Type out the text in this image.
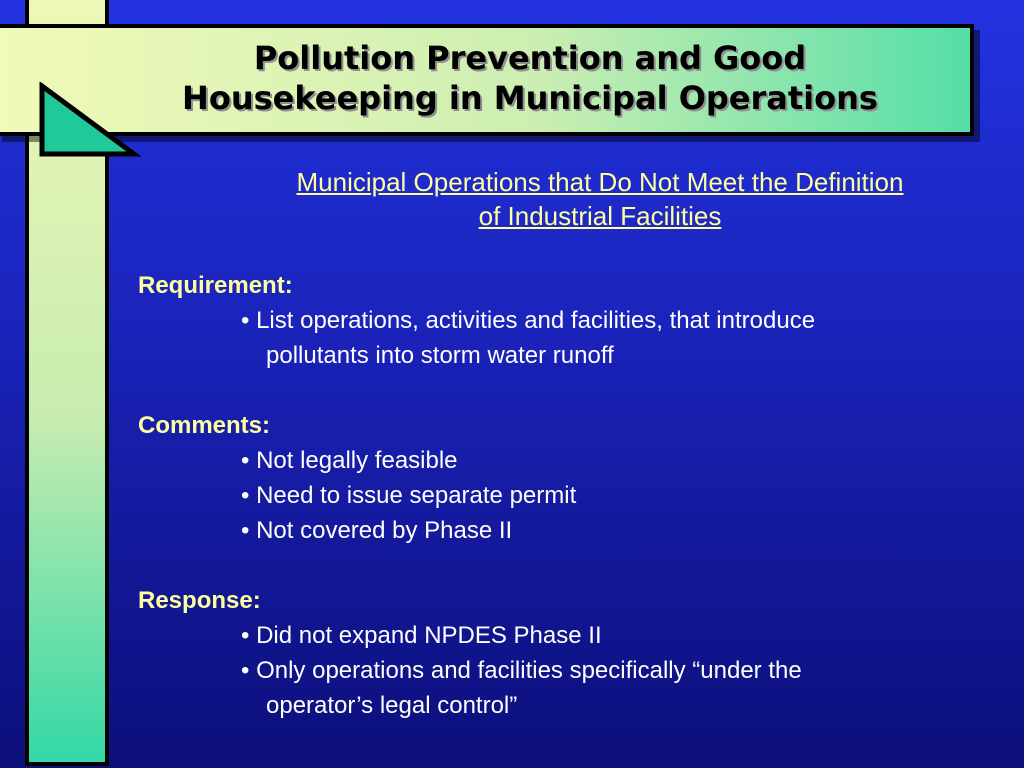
Pollution Prevention and Good
Housekeeping in Municipal Operations
Municipal Operations that Do Not Meet the Definition
of Industrial Facilities
Requirement:
• List operations, activities and facilities, that introduce
pollutants into storm water runoff
Comments:
• Not legally feasible
• Need to issue separate permit
• Not covered by Phase II
Response:
• Did not expand NPDES Phase II
• Only operations and facilities specifically “under the
operator’s legal control”
